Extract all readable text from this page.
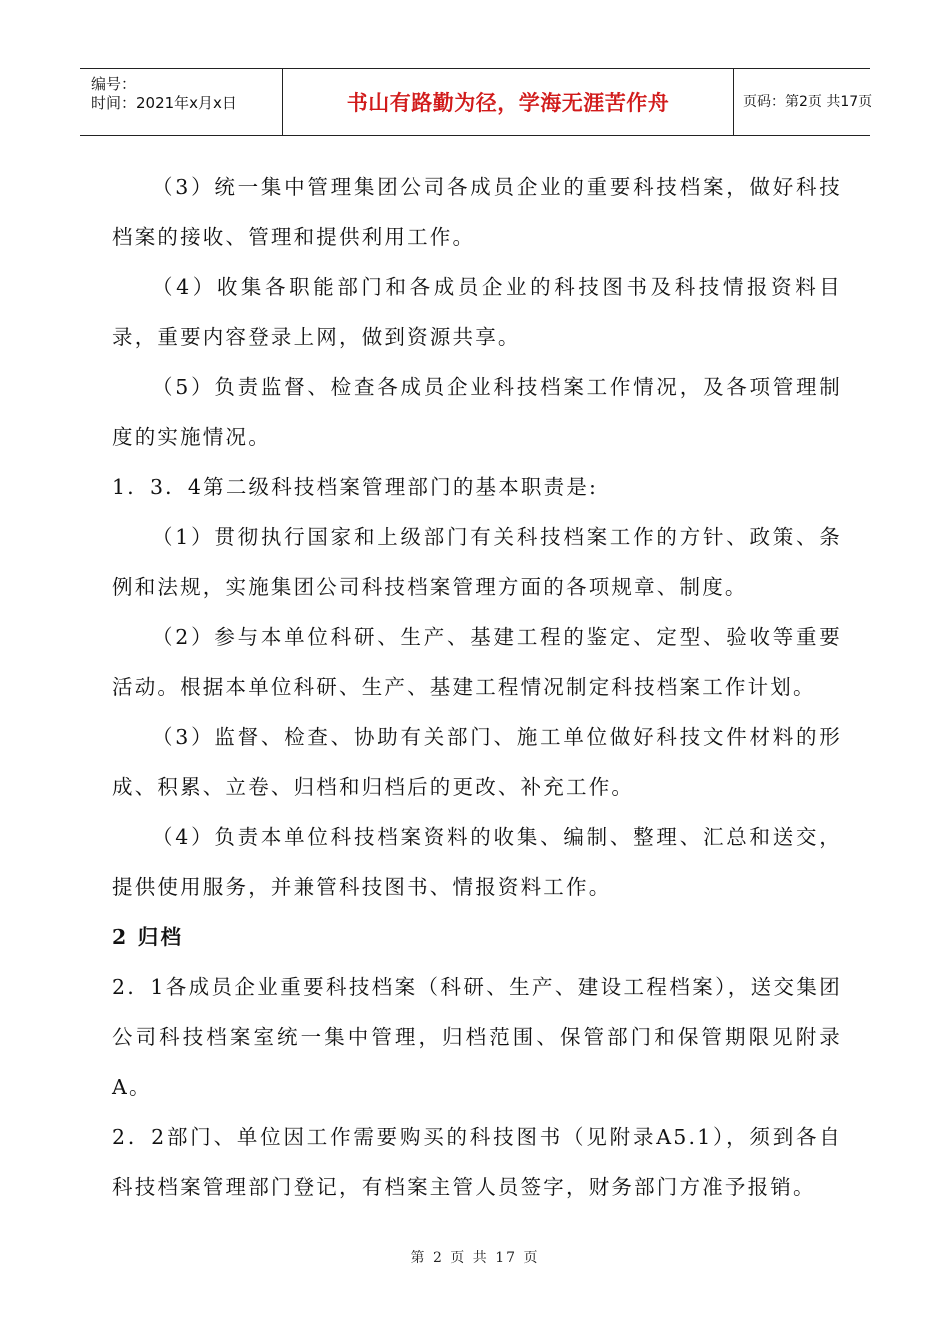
编号：
时间：2021年x月x日	书山有路勤为径，学海无涯苦作舟	页码：第2页 共17页

（3）统一集中管理集团公司各成员企业的重要科技档案，做好科技档案的接收、管理和提供利用工作。

（4）收集各职能部门和各成员企业的科技图书及科技情报资料目录，重要内容登录上网，做到资源共享。

（5）负责监督、检查各成员企业科技档案工作情况，及各项管理制度的实施情况。

1．3．4第二级科技档案管理部门的基本职责是:

（1）贯彻执行国家和上级部门有关科技档案工作的方针、政策、条例和法规，实施集团公司科技档案管理方面的各项规章、制度。

（2）参与本单位科研、生产、基建工程的鉴定、定型、验收等重要活动。根据本单位科研、生产、基建工程情况制定科技档案工作计划。

（3）监督、检查、协助有关部门、施工单位做好科技文件材料的形成、积累、立卷、归档和归档后的更改、补充工作。

（4）负责本单位科技档案资料的收集、编制、整理、汇总和送交，提供使用服务，并兼管科技图书、情报资料工作。

2 归档

2．1各成员企业重要科技档案（科研、生产、建设工程档案），送交集团公司科技档案室统一集中管理，归档范围、保管部门和保管期限见附录A。

2．2部门、单位因工作需要购买的科技图书（见附录A5.1），须到各自科技档案管理部门登记，有档案主管人员签字，财务部门方准予报销。

第 2 页 共 17 页
